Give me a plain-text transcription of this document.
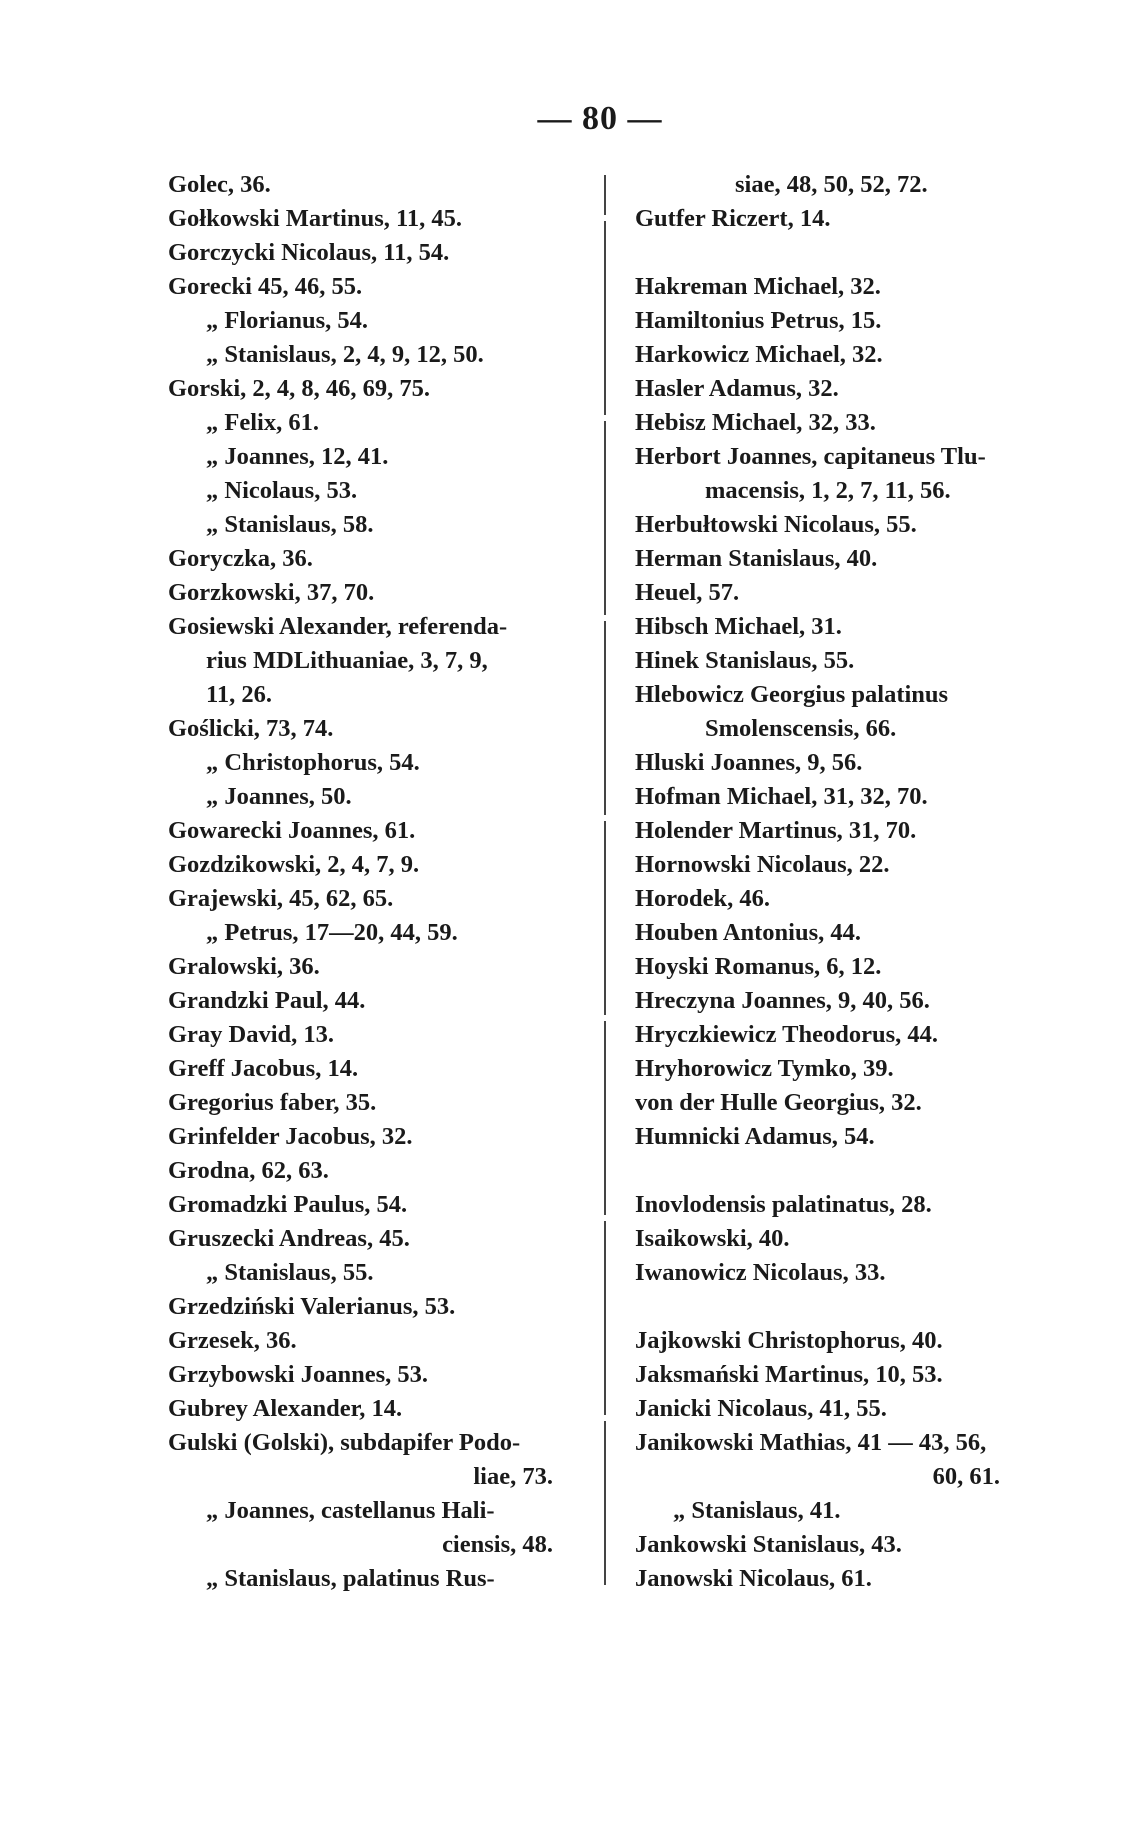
— 80 —
Golec, 36.
Gołkowski Martinus, 11, 45.
Gorczycki Nicolaus, 11, 54.
Gorecki 45, 46, 55.
„ Florianus, 54.
„ Stanislaus, 2, 4, 9, 12, 50.
Gorski, 2, 4, 8, 46, 69, 75.
„ Felix, 61.
„ Joannes, 12, 41.
„ Nicolaus, 53.
„ Stanislaus, 58.
Goryczka, 36.
Gorzkowski, 37, 70.
Gosiewski Alexander, referenda-
rius MDLithuaniae, 3, 7, 9,
11, 26.
Gośliсki, 73, 74.
„ Christophorus, 54.
„ Joannes, 50.
Gowarecki Joannes, 61.
Gozdzikowski, 2, 4, 7, 9.
Grajewski, 45, 62, 65.
„ Petrus, 17—20, 44, 59.
Gralowski, 36.
Grandzki Paul, 44.
Gray David, 13.
Greff Jacobus, 14.
Gregorius faber, 35.
Grinfelder Jacobus, 32.
Grodna, 62, 63.
Gromadzki Paulus, 54.
Gruszecki Andreas, 45.
„ Stanislaus, 55.
Grzedziński Valerianus, 53.
Grzesek, 36.
Grzybowski Joannes, 53.
Gubrey Alexander, 14.
Gulski (Golski), subdapifer Podo-
liae, 73.
„ Joannes, castellanus Hali-
ciensis, 48.
„ Stanislaus, palatinus Rus-
siae, 48, 50, 52, 72.
Gutfer Riczert, 14.
Hakreman Michael, 32.
Hamiltonius Petrus, 15.
Harkowicz Michael, 32.
Hasler Adamus, 32.
Hebisz Michael, 32, 33.
Herbort Joannes, capitaneus Tlu-
macensis, 1, 2, 7, 11, 56.
Herbułtowski Nicolaus, 55.
Herman Stanislaus, 40.
Heuel, 57.
Hibsch Michael, 31.
Hinek Stanislaus, 55.
Hlebowicz Georgius palatinus
Smolenscensis, 66.
Hluski Joannes, 9, 56.
Hofman Michael, 31, 32, 70.
Holender Martinus, 31, 70.
Hornowski Nicolaus, 22.
Horodek, 46.
Houben Antonius, 44.
Hoyski Romanus, 6, 12.
Hreczyna Joannes, 9, 40, 56.
Hryczkiewicz Theodorus, 44.
Hryhorowicz Tymko, 39.
von der Hulle Georgius, 32.
Humnicki Adamus, 54.
Inovlodensis palatinatus, 28.
Isaikowski, 40.
Iwanowicz Nicolaus, 33.
Jajkowski Christophorus, 40.
Jaksmański Martinus, 10, 53.
Janicki Nicolaus, 41, 55.
Janikowski Mathias, 41 — 43, 56,
60, 61.
„ Stanislaus, 41.
Jankowski Stanislaus, 43.
Janowski Nicolaus, 61.
